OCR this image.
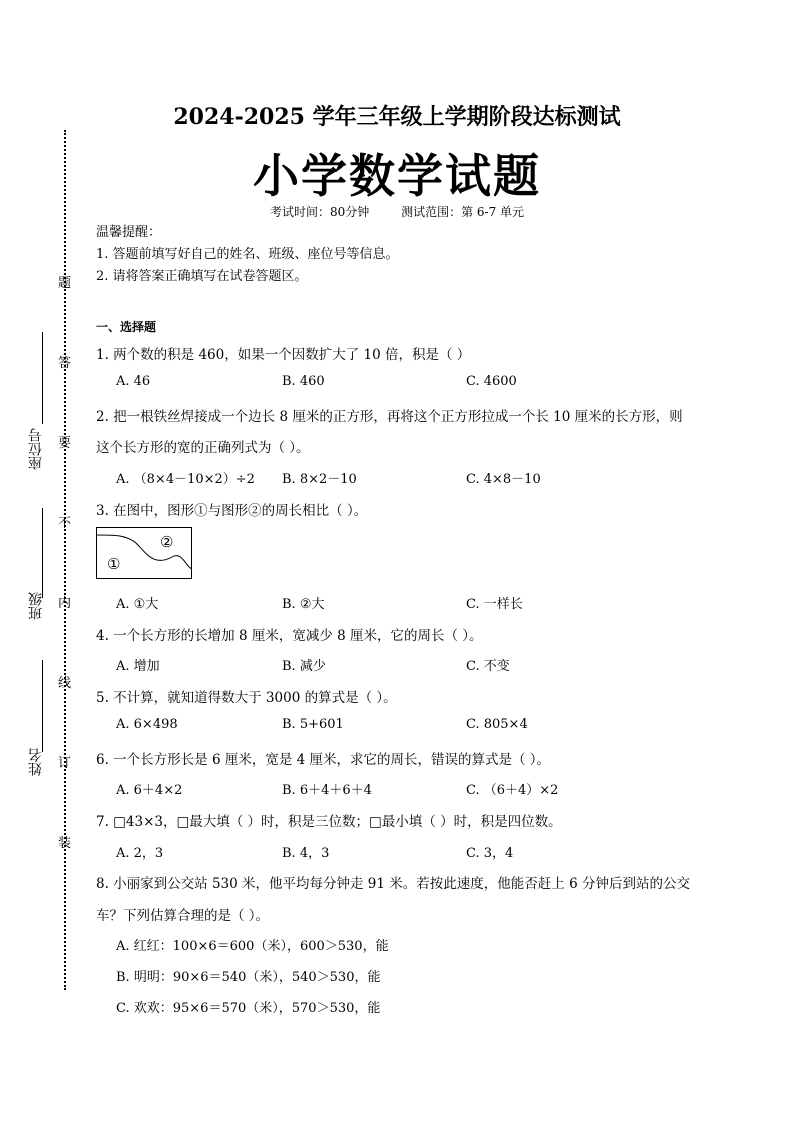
题
答
要
不
内
线
订
装
座位号
班级
姓名
2024-2025 学年三年级上学期阶段达标测试
小学数学试题
考试时间：80分钟	测试范围：第 6-7 单元
温馨提醒：
1. 答题前填写好自己的姓名、班级、座位号等信息。
2. 请将答案正确填写在试卷答题区。
一、选择题
1. 两个数的积是 460，如果一个因数扩大了 10 倍，积是（ ）
A. 46	B. 460	C. 4600
2. 把一根铁丝焊接成一个边长 8 厘米的正方形，再将这个正方形拉成一个长 10 厘米的长方形，则
这个长方形的宽的正确列式为（ ）。
A. （8×4－10×2）÷2 B. 8×2－10	C. 4×8－10
3. 在图中，图形①与图形②的周长相比（ ）。
①
②
A. ①大	B. ②大	C. 一样长
4. 一个长方形的长增加 8 厘米，宽减少 8 厘米，它的周长（ ）。
A. 增加	B. 减少	C. 不变
5. 不计算，就知道得数大于 3000 的算式是（ ）。
A. 6×498	B. 5+601	C. 805×4
6. 一个长方形长是 6 厘米，宽是 4 厘米，求它的周长，错误的算式是（ ）。
A. 6＋4×2	B. 6＋4＋6＋4	C. （6＋4）×2
7. □43×3，□最大填（ ）时，积是三位数；□最小填（ ）时，积是四位数。
A. 2，3	B. 4，3	C. 3，4
8. 小丽家到公交站 530 米，他平均每分钟走 91 米。若按此速度，他能否赶上 6 分钟后到站的公交
车？下列估算合理的是（ ）。
A. 红红：100×6＝600（米），600＞530，能
B. 明明：90×6＝540（米），540＞530，能
C. 欢欢：95×6＝570（米），570＞530，能
